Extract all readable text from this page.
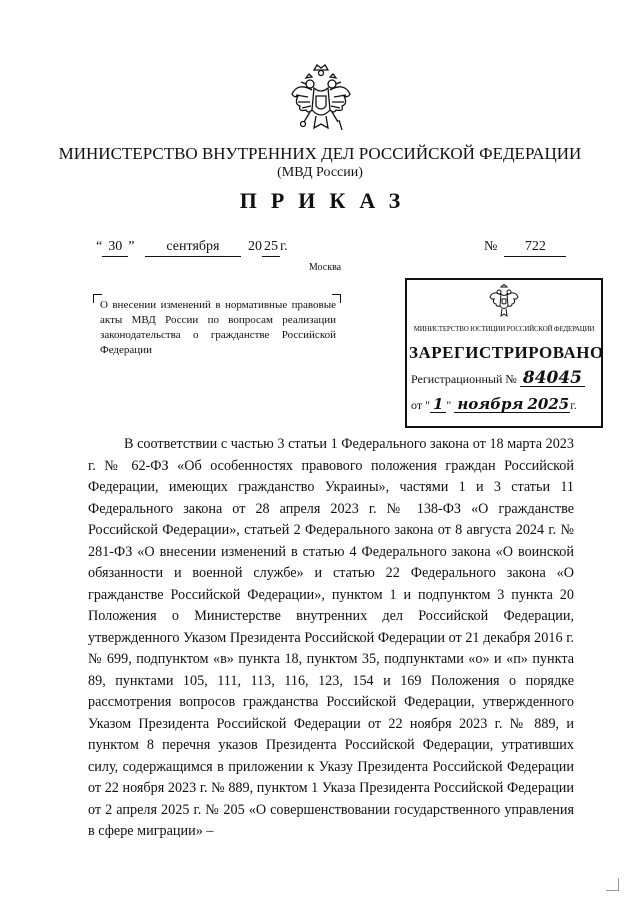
МИНИСТЕРСТВО ВНУТРЕННИХ ДЕЛ РОССИЙСКОЙ ФЕДЕРАЦИИ
(МВД России)
ПРИКАЗ
“ 30 ” сентября 20 25 г.	№ 722
Москва
О внесении изменений в нормативные правовые акты МВД России по вопросам реализации законодательства о гражданстве Российской Федерации
МИНИСТЕРСТВО ЮСТИЦИИ РОССИЙСКОЙ ФЕДЕРАЦИИ
ЗАРЕГИСТРИРОВАНО
Регистрационный № 84045
от " 1 " ноября 2025г.
В соответствии с частью 3 статьи 1 Федерального закона от 18 марта 2023 г. № 62-ФЗ «Об особенностях правового положения граждан Российской Федерации, имеющих гражданство Украины», частями 1 и 3 статьи 11 Федерального закона от 28 апреля 2023 г. № 138-ФЗ «О гражданстве Российской Федерации», статьей 2 Федерального закона от 8 августа 2024 г. № 281-ФЗ «О внесении изменений в статью 4 Федерального закона «О воинской обязанности и военной службе» и статью 22 Федерального закона «О гражданстве Российской Федерации», пунктом 1 и подпунктом 3 пункта 20 Положения о Министерстве внутренних дел Российской Федерации, утвержденного Указом Президента Российской Федерации от 21 декабря 2016 г. № 699, подпунктом «в» пункта 18, пунктом 35, подпунктами «о» и «п» пункта 89, пунктами 105, 111, 113, 116, 123, 154 и 169 Положения о порядке рассмотрения вопросов гражданства Российской Федерации, утвержденного Указом Президента Российской Федерации от 22 ноября 2023 г. № 889, и пунктом 8 перечня указов Президента Российской Федерации, утративших силу, содержащимся в приложении к Указу Президента Российской Федерации от 22 ноября 2023 г. № 889, пунктом 1 Указа Президента Российской Федерации от 2 апреля 2025 г. № 205 «О совершенствовании государственного управления в сфере миграции» –
